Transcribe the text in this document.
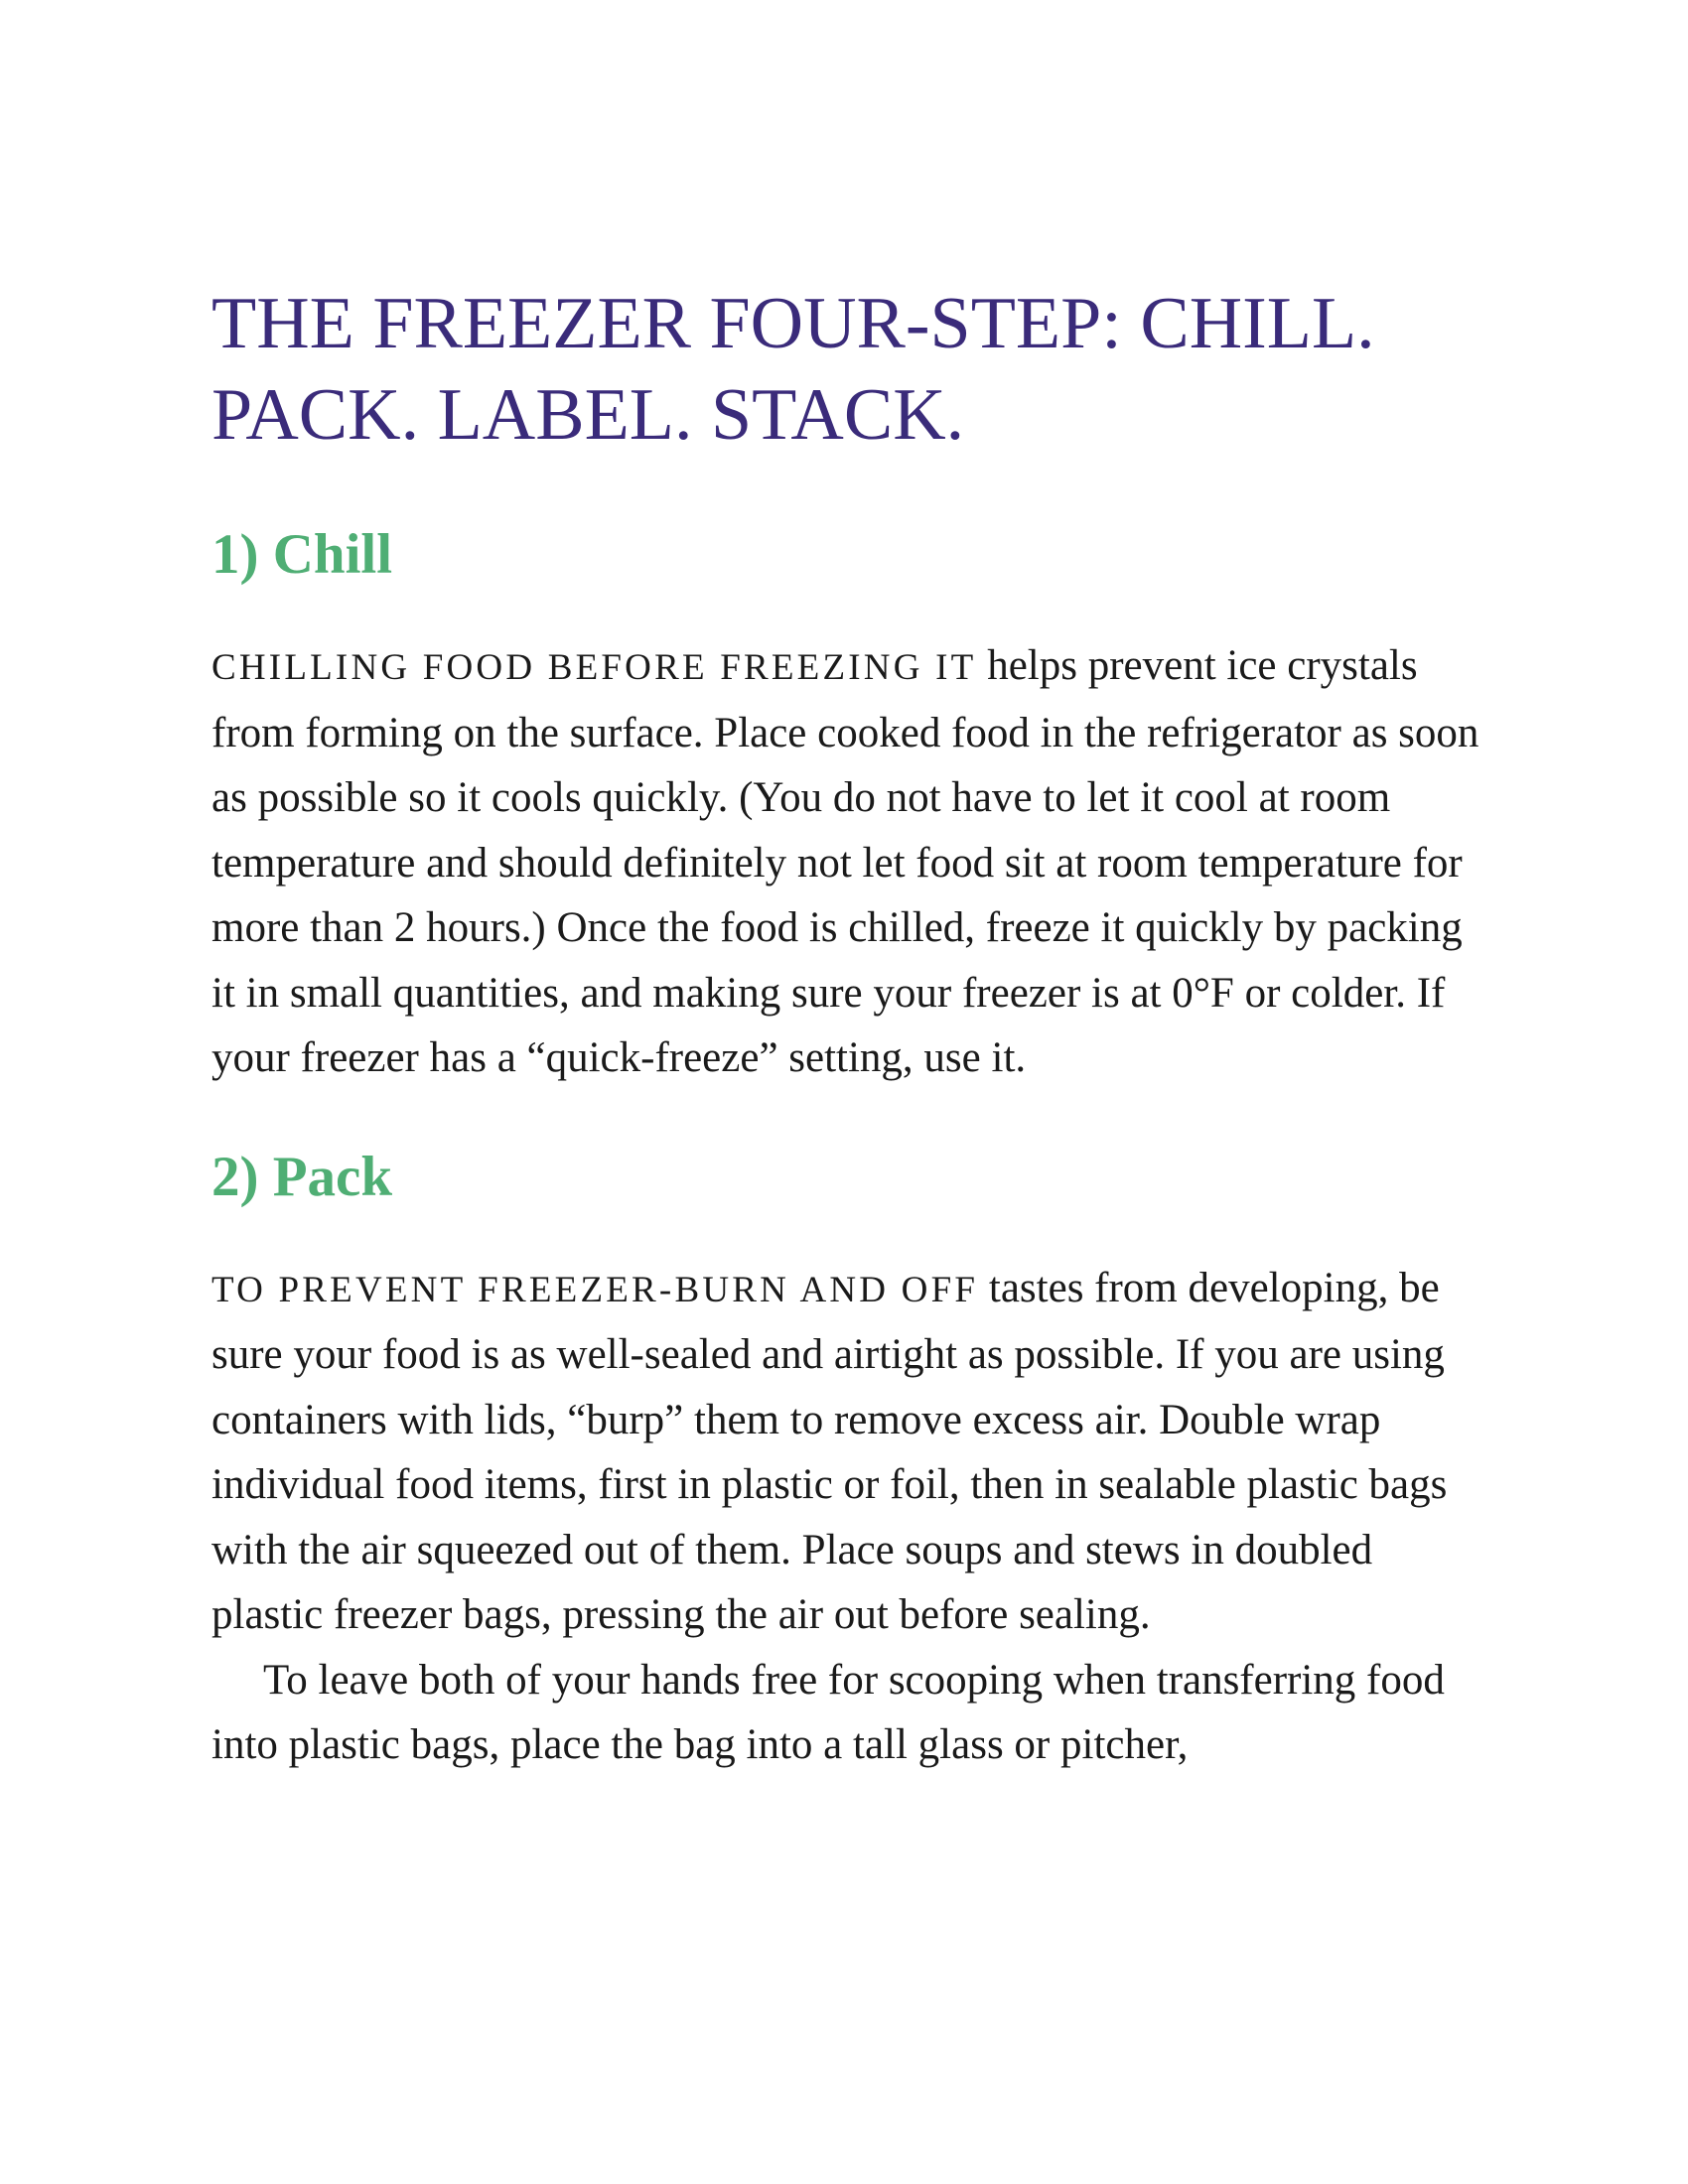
THE FREEZER FOUR-STEP: CHILL. PACK. LABEL. STACK.
1) Chill

CHILLING FOOD BEFORE FREEZING IT helps prevent ice crystals from forming on the surface. Place cooked food in the refrigerator as soon as possible so it cools quickly. (You do not have to let it cool at room temperature and should definitely not let food sit at room temperature for more than 2 hours.) Once the food is chilled, freeze it quickly by packing it in small quantities, and making sure your freezer is at 0°F or colder. If your freezer has a “quick-freeze” setting, use it.

2) Pack

TO PREVENT FREEZER-BURN AND OFF tastes from developing, be sure your food is as well-sealed and airtight as possible. If you are using containers with lids, “burp” them to remove excess air. Double wrap individual food items, first in plastic or foil, then in sealable plastic bags with the air squeezed out of them. Place soups and stews in doubled plastic freezer bags, pressing the air out before sealing.

To leave both of your hands free for scooping when transferring food into plastic bags, place the bag into a tall glass or pitcher,
